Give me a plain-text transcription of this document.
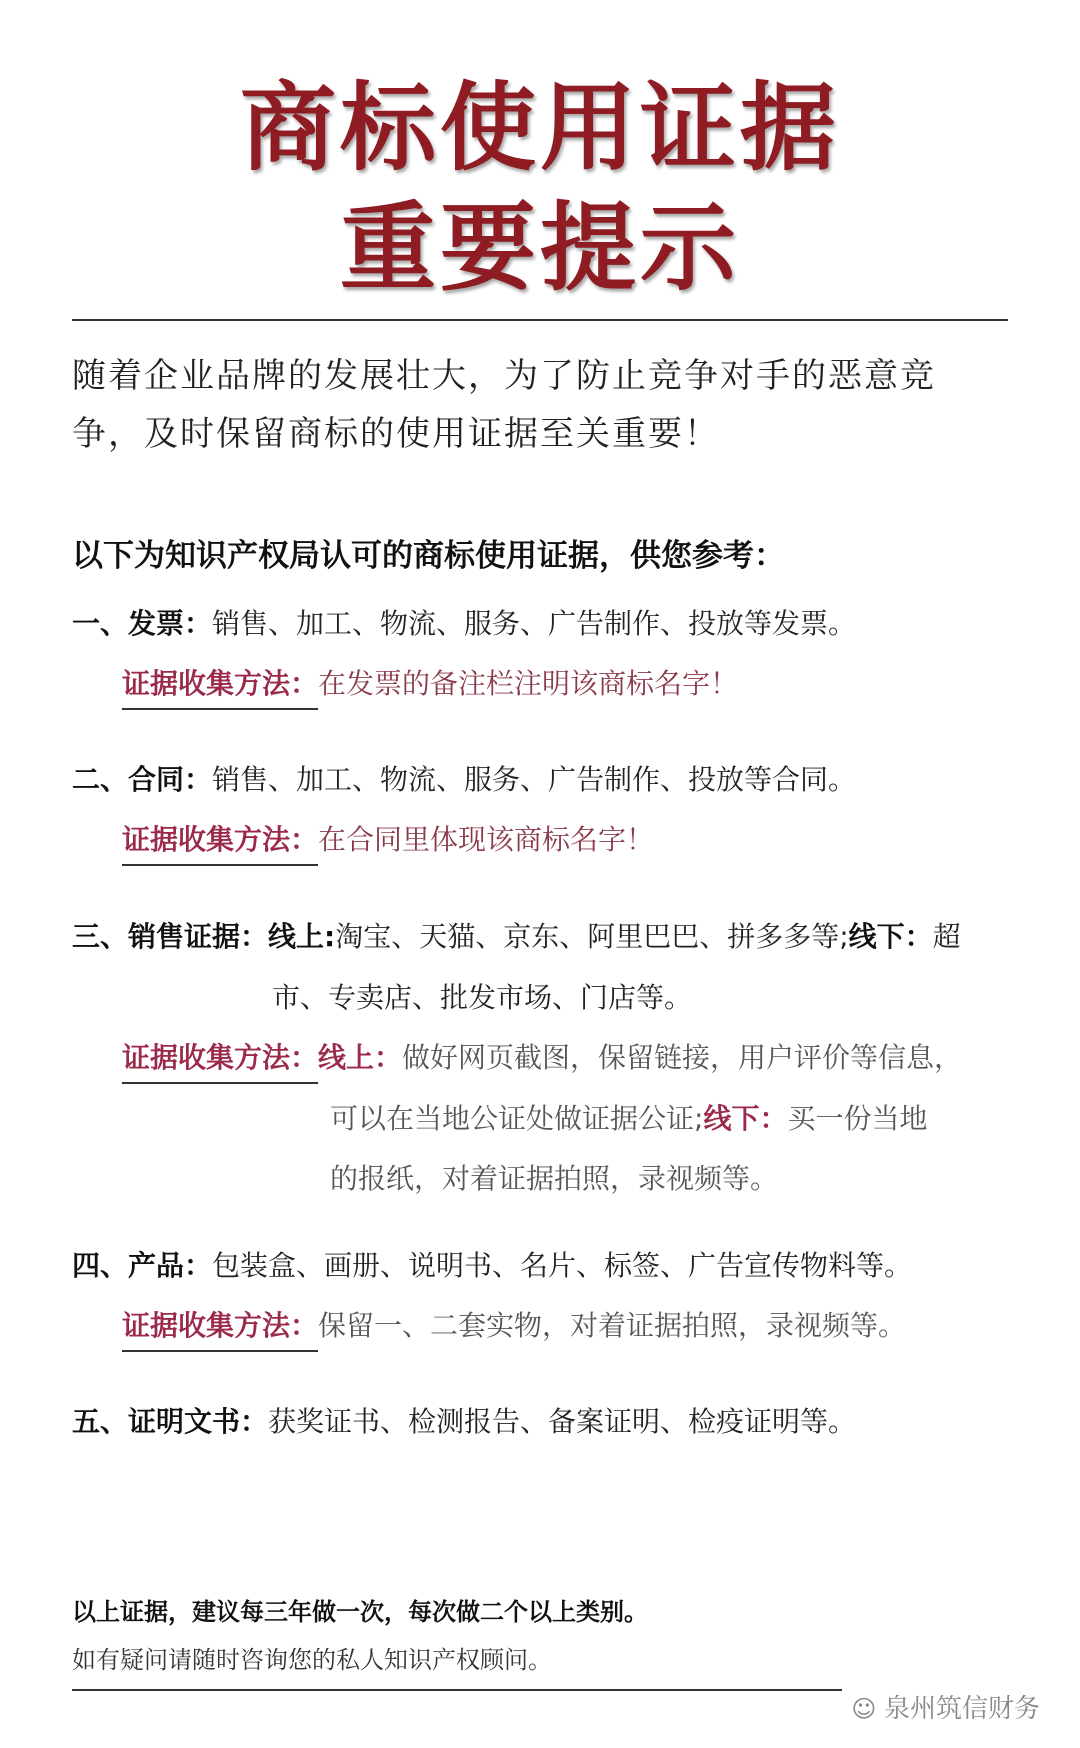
商标使用证据
重要提示
随着企业品牌的发展壮大，为了防止竞争对手的恶意竞
争，及时保留商标的使用证据至关重要！
以下为知识产权局认可的商标使用证据，供您参考：
一、发票：销售、加工、物流、服务、广告制作、投放等发票。
证据收集方法：在发票的备注栏注明该商标名字！
二、合同：销售、加工、物流、服务、广告制作、投放等合同。
证据收集方法：在合同里体现该商标名字！
三、销售证据：线上:淘宝、天猫、京东、阿里巴巴、拼多多等;线下：超
市、专卖店、批发市场、门店等。
证据收集方法：线上：做好网页截图，保留链接，用户评价等信息，
可以在当地公证处做证据公证;线下：买一份当地
的报纸，对着证据拍照，录视频等。
四、产品：包装盒、画册、说明书、名片、标签、广告宣传物料等。
证据收集方法：保留一、二套实物，对着证据拍照，录视频等。
五、证明文书：获奖证书、检测报告、备案证明、检疫证明等。
以上证据，建议每三年做一次，每次做二个以上类别。
如有疑问请随时咨询您的私人知识产权顾问。
☺ 泉州筑信财务
